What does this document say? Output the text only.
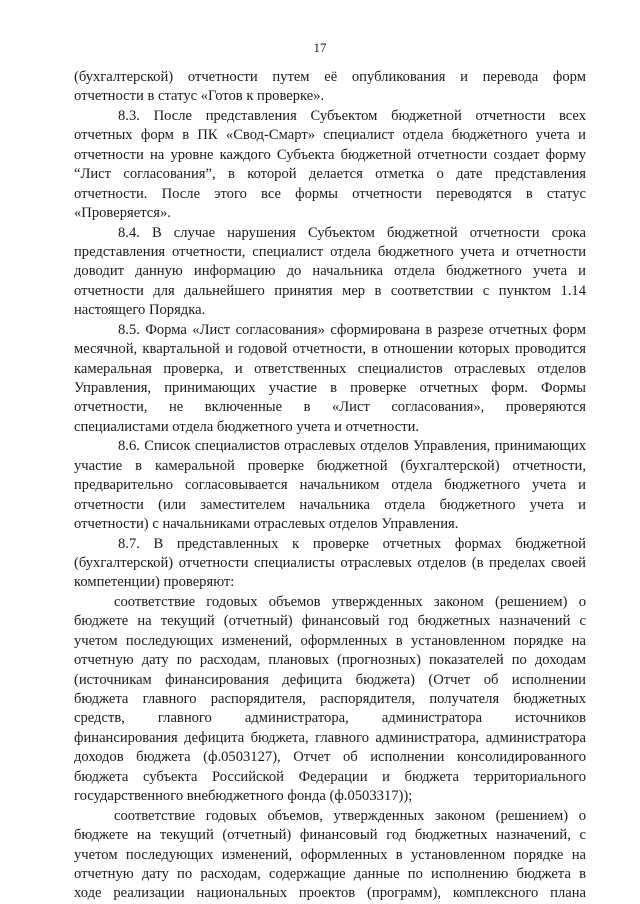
17
(бухгалтерской) отчетности путем её опубликования и перевода форм
отчетности в статус «Готов к проверке».
8.3. После представления Субъектом бюджетной отчетности всех
отчетных форм в ПК «Свод-Смарт» специалист отдела бюджетного учета и
отчетности на уровне каждого Субъекта бюджетной отчетности создает форму
“Лист согласования”, в которой делается отметка о дате представления
отчетности. После этого все формы отчетности переводятся в статус
«Проверяется».
8.4. В случае нарушения Субъектом бюджетной отчетности срока
представления отчетности, специалист отдела бюджетного учета и отчетности
доводит данную информацию до начальника отдела бюджетного учета и
отчетности для дальнейшего принятия мер в соответствии с пунктом 1.14
настоящего Порядка.
8.5. Форма «Лист согласования» сформирована в разрезе отчетных форм
месячной, квартальной и годовой отчетности, в отношении которых проводится
камеральная проверка, и ответственных специалистов отраслевых отделов
Управления, принимающих участие в проверке отчетных форм. Формы
отчетности, не включенные в «Лист согласования», проверяются
специалистами отдела бюджетного учета и отчетности.
8.6. Список специалистов отраслевых отделов Управления, принимающих
участие в камеральной проверке бюджетной (бухгалтерской) отчетности,
предварительно согласовывается начальником отдела бюджетного учета и
отчетности (или заместителем начальника отдела бюджетного учета и
отчетности) с начальниками отраслевых отделов Управления.
8.7. В представленных к проверке отчетных формах бюджетной
(бухгалтерской) отчетности специалисты отраслевых отделов (в пределах своей
компетенции) проверяют:
соответствие годовых объемов утвержденных законом (решением) о
бюджете на текущий (отчетный) финансовый год бюджетных назначений с
учетом последующих изменений, оформленных в установленном порядке на
отчетную дату по расходам, плановых (прогнозных) показателей по доходам
(источникам финансирования дефицита бюджета) (Отчет об исполнении
бюджета главного распорядителя, распорядителя, получателя бюджетных
средств, главного администратора, администратора источников
финансирования дефицита бюджета, главного администратора, администратора
доходов бюджета (ф.0503127), Отчет об исполнении консолидированного
бюджета субъекта Российской Федерации и бюджета территориального
государственного внебюджетного фонда (ф.0503317));
соответствие годовых объемов, утвержденных законом (решением) о
бюджете на текущий (отчетный) финансовый год бюджетных назначений, с
учетом последующих изменений, оформленных в установленном порядке на
отчетную дату по расходам, содержащие данные по исполнению бюджета в
ходе реализации национальных проектов (программ), комплексного плана
